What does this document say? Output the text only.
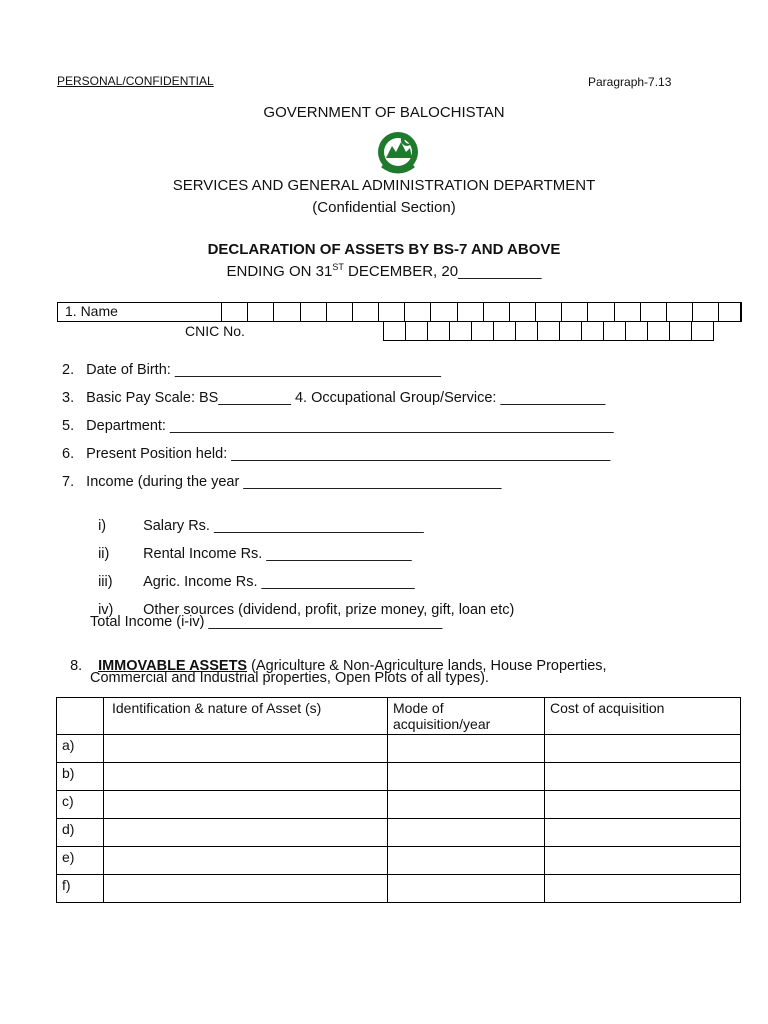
PERSONAL/CONFIDENTIAL	Paragraph-7.13
GOVERNMENT OF BALOCHISTAN
SERVICES AND GENERAL ADMINISTRATION DEPARTMENT
(Confidential Section)
DECLARATION OF ASSETS BY BS-7 AND ABOVE
ENDING ON 31ST DECEMBER, 20__________
1. Name

CNIC No.

2.   Date of Birth: _________________________________
3.   Basic Pay Scale: BS_________ 4. Occupational Group/Service: _____________
5.   Department: _______________________________________________________
6.   Present Position held: _______________________________________________
7.   Income (during the year ________________________________

i)	Salary Rs. __________________________

ii) Rental Income Rs. __________________

iii) Agric. Income Rs. ___________________

iv) Other sources (dividend, profit, prize money, gift, loan etc)

Total Income (i-iv) _____________________________

8. IMMOVABLE ASSETS (Agriculture & Non-Agriculture lands, House Properties,

Commercial and Industrial properties, Open Plots of all types).
	Identification & nature of Asset (s)	Mode of acquisition/year	Cost of acquisition
a)			
b)			
c)			
d)			
e)			
f)			
